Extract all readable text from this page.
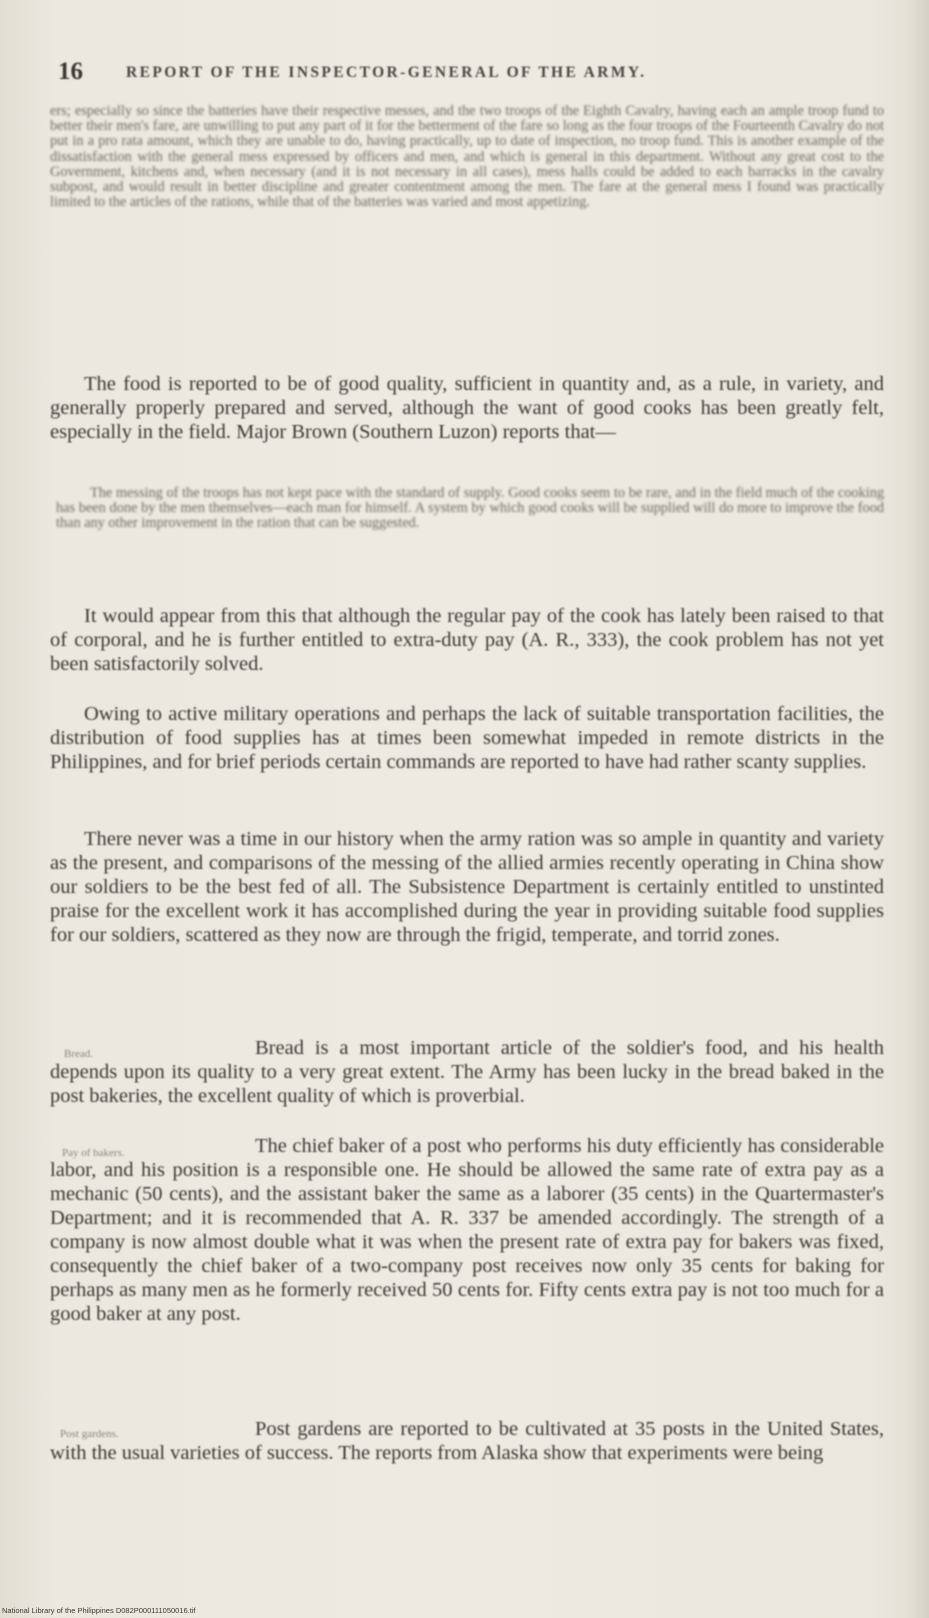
16	REPORT OF THE INSPECTOR-GENERAL OF THE ARMY.

ers; especially so since the batteries have their respective messes, and the two troops of the Eighth Cavalry, having each an ample troop fund to better their men's fare, are unwilling to put any part of it for the betterment of the fare so long as the four troops of the Fourteenth Cavalry do not put in a pro rata amount, which they are unable to do, having practically, up to date of inspection, no troop fund. This is another example of the dissatisfaction with the general mess expressed by officers and men, and which is general in this department. Without any great cost to the Government, kitchens and, when necessary (and it is not necessary in all cases), mess halls could be added to each barracks in the cavalry subpost, and would result in better discipline and greater contentment among the men. The fare at the general mess I found was practically limited to the articles of the rations, while that of the batteries was varied and most appetizing.

The food is reported to be of good quality, sufficient in quantity and, as a rule, in variety, and generally properly prepared and served, although the want of good cooks has been greatly felt, especially in the field. Major Brown (Southern Luzon) reports that—

The messing of the troops has not kept pace with the standard of supply. Good cooks seem to be rare, and in the field much of the cooking has been done by the men themselves—each man for himself. A system by which good cooks will be supplied will do more to improve the food than any other improvement in the ration that can be suggested.

It would appear from this that although the regular pay of the cook has lately been raised to that of corporal, and he is further entitled to extra-duty pay (A. R., 333), the cook problem has not yet been satisfactorily solved.

Owing to active military operations and perhaps the lack of suitable transportation facilities, the distribution of food supplies has at times been somewhat impeded in remote districts in the Philippines, and for brief periods certain commands are reported to have had rather scanty supplies.

There never was a time in our history when the army ration was so ample in quantity and variety as the present, and comparisons of the messing of the allied armies recently operating in China show our soldiers to be the best fed of all. The Subsistence Department is certainly entitled to unstinted praise for the excellent work it has accomplished during the year in providing suitable food supplies for our soldiers, scattered as they now are through the frigid, temperate, and torrid zones.

Bread.	Bread is a most important article of the soldier's food, and his health depends upon its quality to a very great extent. The Army has been lucky in the bread baked in the post bakeries, the excellent quality of which is proverbial.

Pay of bakers.	The chief baker of a post who performs his duty efficiently has considerable labor, and his position is a responsible one. He should be allowed the same rate of extra pay as a mechanic (50 cents), and the assistant baker the same as a laborer (35 cents) in the Quartermaster's Department; and it is recommended that A. R. 337 be amended accordingly. The strength of a company is now almost double what it was when the present rate of extra pay for bakers was fixed, consequently the chief baker of a two-company post receives now only 35 cents for baking for perhaps as many men as he formerly received 50 cents for. Fifty cents extra pay is not too much for a good baker at any post.

Post gardens.	Post gardens are reported to be cultivated at 35 posts in the United States, with the usual varieties of success. The reports from Alaska show that experiments were being

National Library of the Philippines D082P000111050016.tif
